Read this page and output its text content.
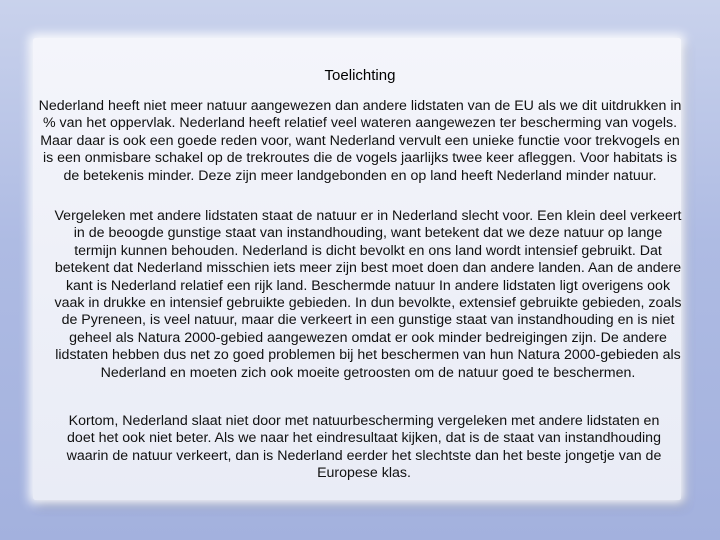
Toelichting

Nederland heeft niet meer natuur aangewezen dan andere lidstaten van de EU als we dit uitdrukken in % van het oppervlak. Nederland heeft relatief veel wateren aangewezen ter bescherming van vogels. Maar daar is ook een goede reden voor, want Nederland vervult een unieke functie voor trekvogels en is een onmisbare schakel op de trekroutes die de vogels jaarlijks twee keer afleggen. Voor habitats is de betekenis minder. Deze zijn meer landgebonden en op land heeft Nederland minder natuur.

Vergeleken met andere lidstaten staat de natuur er in Nederland slecht voor. Een klein deel verkeert in de beoogde gunstige staat van instandhouding, want betekent dat we deze natuur op lange termijn kunnen behouden. Nederland is dicht bevolkt en ons land wordt intensief gebruikt. Dat betekent dat Nederland misschien iets meer zijn best moet doen dan andere landen. Aan de andere kant is Nederland relatief een rijk land. Beschermde natuur In andere lidstaten ligt overigens ook vaak in drukke en intensief gebruikte gebieden. In dun bevolkte, extensief gebruikte gebieden, zoals de Pyreneen, is veel natuur, maar die verkeert in een gunstige staat van instandhouding en is niet geheel als Natura 2000-gebied aangewezen omdat er ook minder bedreigingen zijn. De andere lidstaten hebben dus net zo goed problemen bij het beschermen van hun Natura 2000-gebieden als Nederland en moeten zich ook moeite getroosten om de natuur goed te beschermen.

Kortom, Nederland slaat niet door met natuurbescherming vergeleken met andere lidstaten en doet het ook niet beter. Als we naar het eindresultaat kijken, dat is de staat van instandhouding waarin de natuur verkeert, dan is Nederland eerder het slechtste dan het beste jongetje van de Europese klas.
